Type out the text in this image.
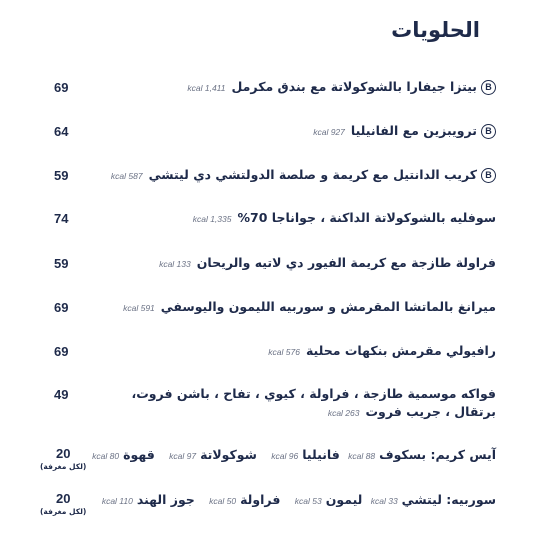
الحلويات
Bبيتزا جيفارا بالشوكولاتة مع بندق مكرملkcal 1,411
69
Bترويبزين مع الفانيلياkcal 927
64
Bكريب الدانتيل مع كريمة و صلصة الدولتشي دي ليتشيkcal 587
59
سوفليه بالشوكولاتة الداكنة ، جواناجا 70%kcal 1,335
74
فراولة طازجة مع كريمة الفيور دي لاتيه والريحانkcal 133
59
ميرانغ بالماتشا المقرمش و سوربيه الليمون واليوسفيkcal 591
69
رافيولي مقرمش بنكهات محليةkcal 576
69
فواكه موسمية طازجة ، فراولة ، كيوي ، تفاح ، باشن فروت،
برتقال ، جريب فروتkcal 263
49
آيس كريم: بسكوفkcal 88 فانيلياkcal 96 شوكولاتةkcal 97 قهوةkcal 80
20
(لكل مغرفة)
سوربيه: ليتشيkcal 33 ليمونkcal 53 فراولةkcal 50 جوز الهندkcal 110
20
(لكل مغرفة)
